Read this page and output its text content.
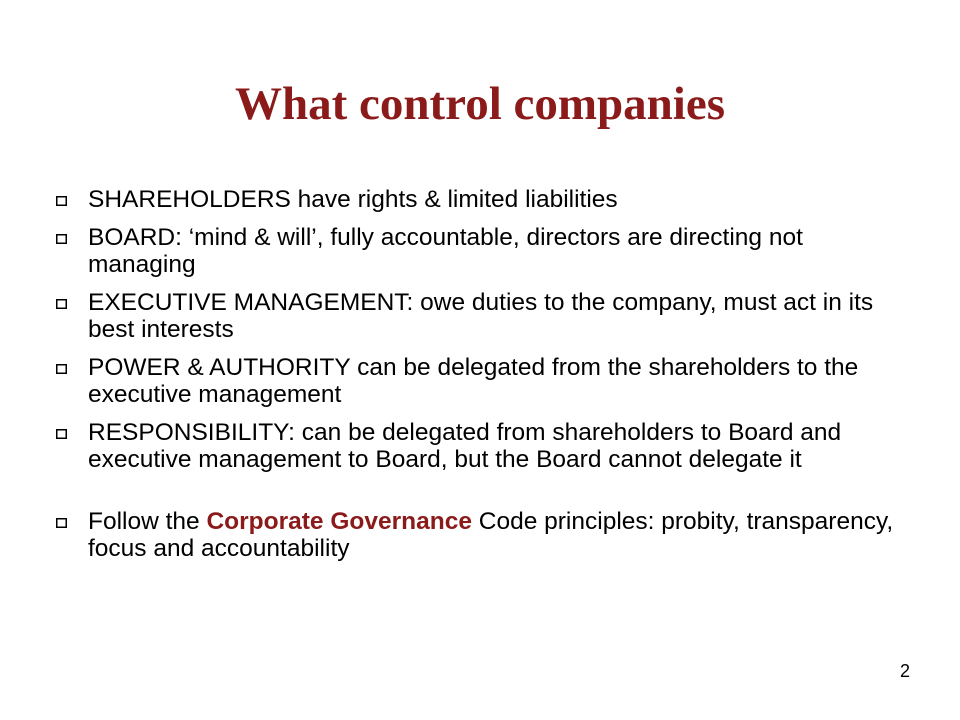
What control companies
SHAREHOLDERS have rights & limited liabilities
BOARD: ‘mind & will’, fully accountable, directors are directing not managing
EXECUTIVE MANAGEMENT: owe duties to the company, must act in its best interests
POWER & AUTHORITY can be delegated from the shareholders to the executive management
RESPONSIBILITY: can be delegated from shareholders to Board and executive management to Board, but the Board cannot delegate it
Follow the Corporate Governance Code principles: probity, transparency, focus and accountability
2
